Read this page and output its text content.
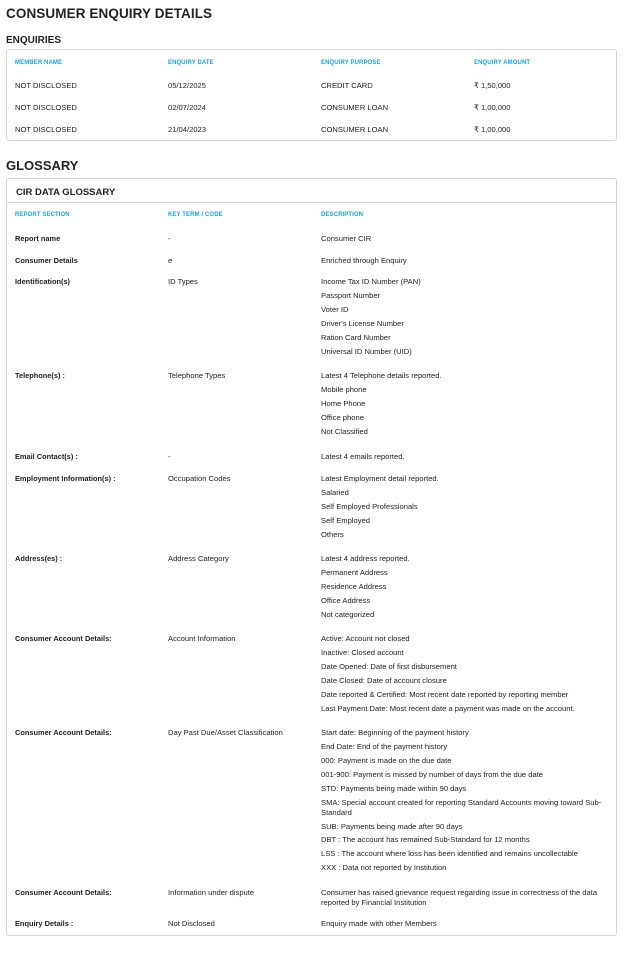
CONSUMER ENQUIRY DETAILS
ENQUIRIES
MEMBER NAME	ENQUIRY DATE	ENQUIRY PURPOSE	ENQUIRY AMOUNT
NOT DISCLOSED	05/12/2025	CREDIT CARD	₹ 1,50,000
NOT DISCLOSED	02/07/2024	CONSUMER LOAN	₹ 1,00,000
NOT DISCLOSED	21/04/2023	CONSUMER LOAN	₹ 1,00,000
GLOSSARY
CIR DATA GLOSSARY
REPORT SECTION	KEY TERM / CODE	DESCRIPTION
Report name	-	Consumer CIR
Consumer Details	e	Enriched through Enquiry
Identification(s)	ID Types	Income Tax ID Number (PAN)
Passport Number
Voter ID
Driver's License Number
Ration Card Number
Universal ID Number (UID)
Telephone(s) :	Telephone Types	Latest 4 Telephone details reported.
Mobile phone
Home Phone
Office phone
Not Classified
Email Contact(s) :	-	Latest 4 emails reported.
Employment Information(s) :	Occupation Codes	Latest Employment detail reported.
Salaried
Self Employed Professionals
Self Employed
Others
Address(es) :	Address Category	Latest 4 address reported.
Permanent Address
Residence Address
Office Address
Not categorized
Consumer Account Details:	Account Information	Active: Account not closed
Inactive: Closed account
Date Opened: Date of first disbursement
Date Closed: Date of account closure
Date reported & Certified: Most recent date reported by reporting member
Last Payment Date: Most recent date a payment was made on the account.
Consumer Account Details:	Day Past Due/Asset Classification	Start date: Beginning of the payment history
End Date: End of the payment history
000: Payment is made on the due date
001-900: Payment is missed by number of days from the due date
STD: Payments being made within 90 days
SMA: Special account created for reporting Standard Accounts moving toward Sub-Standard
SUB: Payments being made after 90 days
DBT : The account has remained Sub-Standard for 12 months
LSS : The account where loss has been identified and remains uncollectable
XXX : Data not reported by Institution
Consumer Account Details:	Information under dispute	Consumer has raised grievance request regarding issue in correctness of the data reported by Financial Institution
Enquiry Details :	Not Disclosed	Enquiry made with other Members
